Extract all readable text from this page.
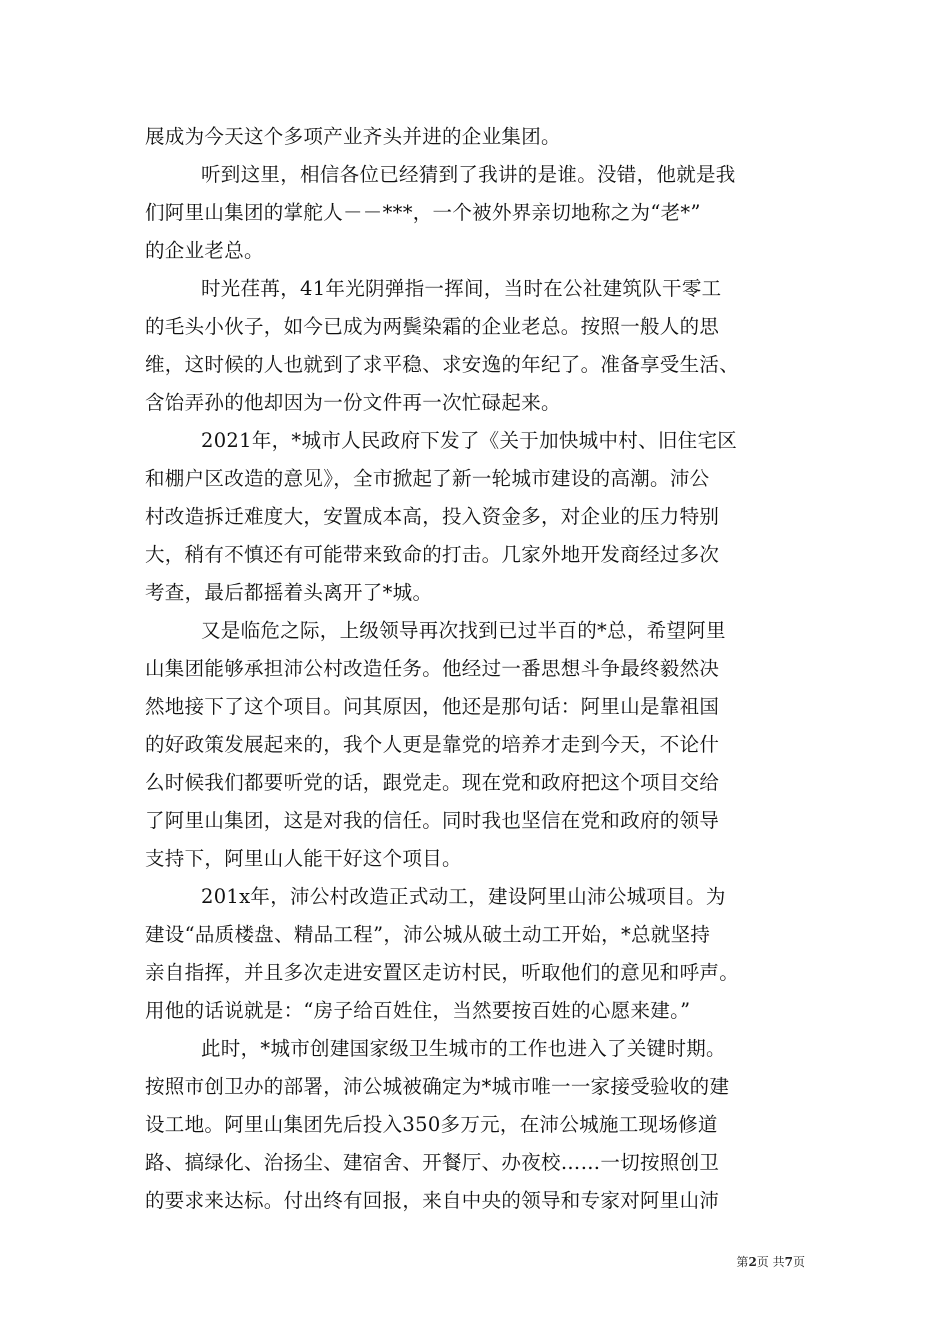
展成为今天这个多项产业齐头并进的企业集团。
听到这里，相信各位已经猜到了我讲的是谁。没错，他就是我
们阿里山集团的掌舵人－－***，一个被外界亲切地称之为“老*”
的企业老总。
时光荏苒，41年光阴弹指一挥间，当时在公社建筑队干零工
的毛头小伙子，如今已成为两鬓染霜的企业老总。按照一般人的思
维，这时候的人也就到了求平稳、求安逸的年纪了。准备享受生活、
含饴弄孙的他却因为一份文件再一次忙碌起来。
2021年，*城市人民政府下发了《关于加快城中村、旧住宅区
和棚户区改造的意见》，全市掀起了新一轮城市建设的高潮。沛公
村改造拆迁难度大，安置成本高，投入资金多，对企业的压力特别
大，稍有不慎还有可能带来致命的打击。几家外地开发商经过多次
考查，最后都摇着头离开了*城。
又是临危之际，上级领导再次找到已过半百的*总，希望阿里
山集团能够承担沛公村改造任务。他经过一番思想斗争最终毅然决
然地接下了这个项目。问其原因，他还是那句话：阿里山是靠祖国
的好政策发展起来的，我个人更是靠党的培养才走到今天，不论什
么时候我们都要听党的话，跟党走。现在党和政府把这个项目交给
了阿里山集团，这是对我的信任。同时我也坚信在党和政府的领导
支持下，阿里山人能干好这个项目。
201x年，沛公村改造正式动工，建设阿里山沛公城项目。为
建设“品质楼盘、精品工程”，沛公城从破土动工开始，*总就坚持
亲自指挥，并且多次走进安置区走访村民，听取他们的意见和呼声。
用他的话说就是：“房子给百姓住，当然要按百姓的心愿来建。”
此时，*城市创建国家级卫生城市的工作也进入了关键时期。
按照市创卫办的部署，沛公城被确定为*城市唯一一家接受验收的建
设工地。阿里山集团先后投入350多万元，在沛公城施工现场修道
路、搞绿化、治扬尘、建宿舍、开餐厅、办夜校……一切按照创卫
的要求来达标。付出终有回报，来自中央的领导和专家对阿里山沛
第2页 共7页
